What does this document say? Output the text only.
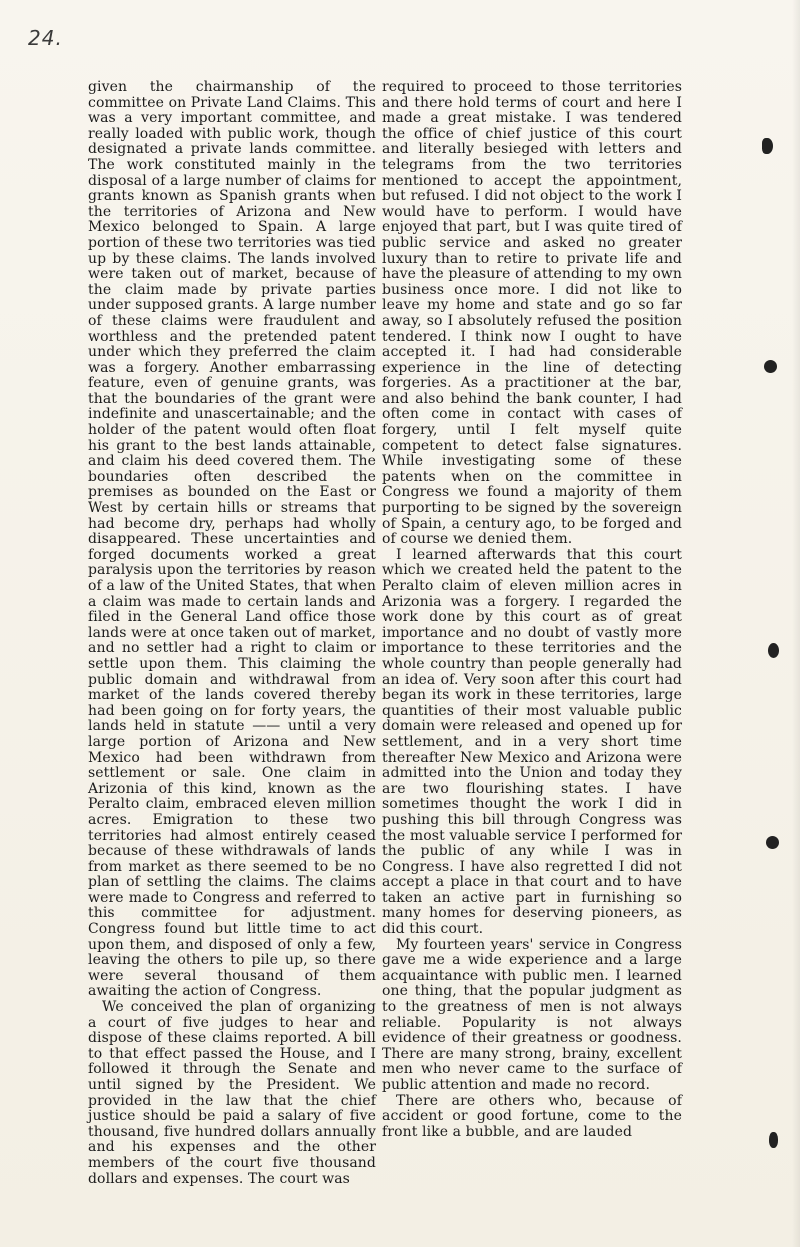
24.

given the chairmanship of the committee on Private Land Claims. This was a very important committee, and really loaded with public work, though designated a private lands committee. The work constituted mainly in the disposal of a large number of claims for grants known as Spanish grants when the territories of Arizona and New Mexico belonged to Spain. A large portion of these two territories was tied up by these claims. The lands involved were taken out of market, because of the claim made by private parties under supposed grants. A large number of these claims were fraudulent and worthless and the pretended patent under which they preferred the claim was a forgery. Another embarrassing feature, even of genuine grants, was that the boundaries of the grant were indefinite and unascertainable; and the holder of the patent would often float his grant to the best lands attainable, and claim his deed covered them. The boundaries often described the premises as bounded on the East or West by certain hills or streams that had become dry, perhaps had wholly disappeared. These uncertainties and forged documents worked a great paralysis upon the territories by reason of a law of the United States, that when a claim was made to certain lands and filed in the General Land office those lands were at once taken out of market, and no settler had a right to claim or settle upon them. This claiming the public domain and withdrawal from market of the lands covered thereby had been going on for forty years, the lands held in statute —— until a very large portion of Arizona and New Mexico had been withdrawn from settlement or sale. One claim in Arizonia of this kind, known as the Peralto claim, embraced eleven million acres. Emigration to these two territories had almost entirely ceased because of these withdrawals of lands from market as there seemed to be no plan of settling the claims. The claims were made to Congress and referred to this committee for adjustment. Congress found but little time to act upon them, and disposed of only a few, leaving the others to pile up, so there were several thousand of them awaiting the action of Congress.

We conceived the plan of organizing a court of five judges to hear and dispose of these claims reported. A bill to that effect passed the House, and I followed it through the Senate and until signed by the President. We provided in the law that the chief justice should be paid a salary of five thousand, five hundred dollars annually and his expenses and the other members of the court five thousand dollars and expenses. The court was

required to proceed to those territories and there hold terms of court and here I made a great mistake. I was tendered the office of chief justice of this court and literally besieged with letters and telegrams from the two territories mentioned to accept the appointment, but refused. I did not object to the work I would have to perform. I would have enjoyed that part, but I was quite tired of public service and asked no greater luxury than to retire to private life and have the pleasure of attending to my own business once more. I did not like to leave my home and state and go so far away, so I absolutely refused the position tendered. I think now I ought to have accepted it. I had had considerable experience in the line of detecting forgeries. As a practitioner at the bar, and also behind the bank counter, I had often come in contact with cases of forgery, until I felt myself quite competent to detect false signatures. While investigating some of these patents when on the committee in Congress we found a majority of them purporting to be signed by the sovereign of Spain, a century ago, to be forged and of course we denied them.

I learned afterwards that this court which we created held the patent to the Peralto claim of eleven million acres in Arizonia was a forgery. I regarded the work done by this court as of great importance and no doubt of vastly more importance to these territories and the whole country than people generally had an idea of. Very soon after this court had began its work in these territories, large quantities of their most valuable public domain were released and opened up for settlement, and in a very short time thereafter New Mexico and Arizona were admitted into the Union and today they are two flourishing states. I have sometimes thought the work I did in pushing this bill through Congress was the most valuable service I performed for the public of any while I was in Congress. I have also regretted I did not accept a place in that court and to have taken an active part in furnishing so many homes for deserving pioneers, as did this court.

My fourteen years' service in Congress gave me a wide experience and a large acquaintance with public men. I learned one thing, that the popular judgment as to the greatness of men is not always reliable. Popularity is not always evidence of their greatness or goodness. There are many strong, brainy, excellent men who never came to the surface of public attention and made no record.

There are others who, because of accident or good fortune, come to the front like a bubble, and are lauded
